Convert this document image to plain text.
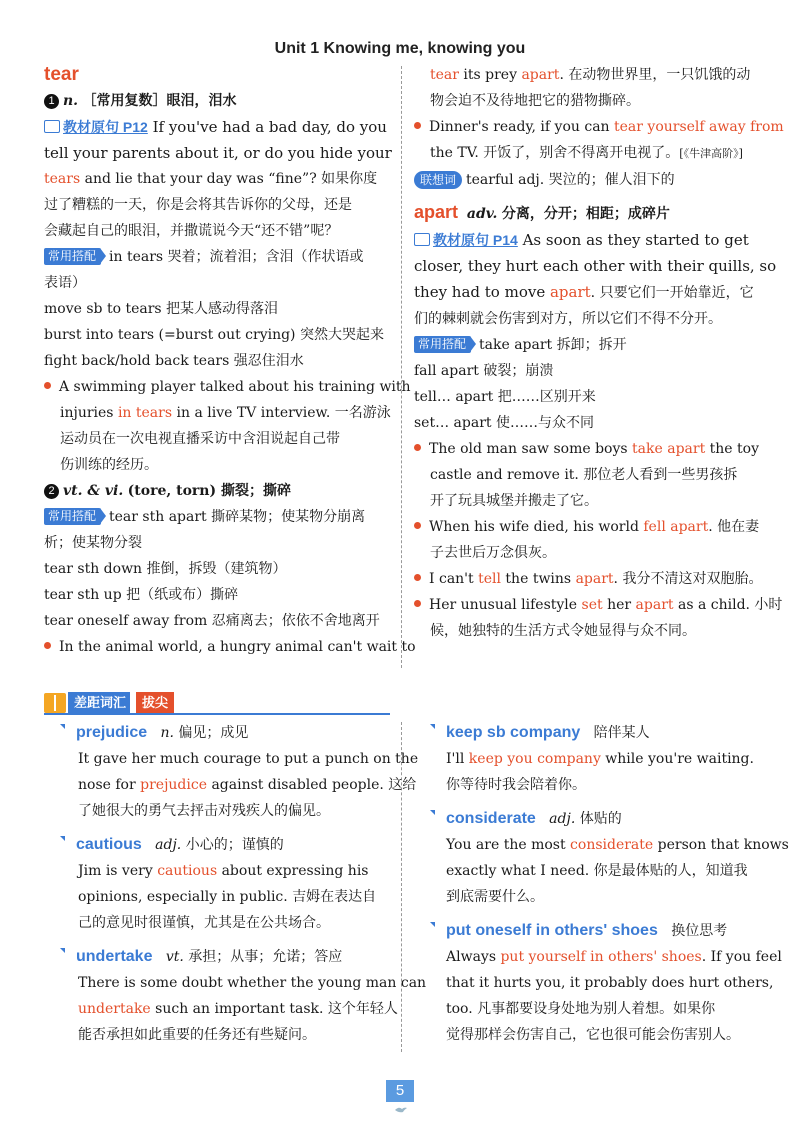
Unit 1 Knowing me, knowing you
tear

1 n. ［常用复数］眼泪，泪水

教材原句 P12 If you've had a bad day, do you

tell your parents about it, or do you hide your

tears and lie that your day was “fine”? 如果你度

过了糟糕的一天，你是会将其告诉你的父母，还是

会藏起自己的眼泪，并撒谎说今天“还不错”呢？

常用搭配 in tears 哭着；流着泪；含泪（作状语或

表语）

move sb to tears 把某人感动得落泪

burst into tears (=burst out crying) 突然大哭起来

fight back/hold back tears 强忍住泪水

A swimming player talked about his training with

injuries in tears in a live TV interview. 一名游泳

运动员在一次电视直播采访中含泪说起自己带

伤训练的经历。

2 vt. & vi. (tore, torn) 撕裂；撕碎

常用搭配 tear sth apart 撕碎某物；使某物分崩离

析；使某物分裂

tear sth down 推倒，拆毁（建筑物）

tear sth up 把（纸或布）撕碎

tear oneself away from 忍痛离去；依依不舍地离开

In the animal world, a hungry animal can't wait to

tear its prey apart. 在动物世界里，一只饥饿的动

物会迫不及待地把它的猎物撕碎。

Dinner's ready, if you can tear yourself away from

the TV. 开饭了，别舍不得离开电视了。[《牛津高阶》]

联想词 tearful adj. 哭泣的；催人泪下的

apart adv. 分离，分开；相距；成碎片

教材原句 P14 As soon as they started to get

closer, they hurt each other with their quills, so

they had to move apart. 只要它们一开始靠近，它

们的棘刺就会伤害到对方，所以它们不得不分开。

常用搭配 take apart 拆卸；拆开

fall apart 破裂；崩溃

tell… apart 把……区别开来

set… apart 使……与众不同

The old man saw some boys take apart the toy

castle and remove it. 那位老人看到一些男孩拆

开了玩具城堡并搬走了它。

When his wife died, his world fell apart. 他在妻

子去世后万念俱灰。

I can't tell the twins apart. 我分不清这对双胞胎。

Her unusual lifestyle set her apart as a child. 小时

候，她独特的生活方式令她显得与众不同。

差距词汇	拔尖

prejudice n. 偏见；成见

It gave her much courage to put a punch on the

nose for prejudice against disabled people. 这给

了她很大的勇气去抨击对残疾人的偏见。

cautious adj. 小心的；谨慎的

Jim is very cautious about expressing his

opinions, especially in public. 吉姆在表达自

己的意见时很谨慎，尤其是在公共场合。

undertake vt. 承担；从事；允诺；答应

There is some doubt whether the young man can

undertake such an important task. 这个年轻人

能否承担如此重要的任务还有些疑问。

keep sb company 陪伴某人

I'll keep you company while you're waiting.

你等待时我会陪着你。

considerate adj. 体贴的

You are the most considerate person that knows

exactly what I need. 你是最体贴的人，知道我

到底需要什么。

put oneself in others' shoes 换位思考

Always put yourself in others' shoes. If you feel

that it hurts you, it probably does hurt others,

too. 凡事都要设身处地为别人着想。如果你

觉得那样会伤害自己，它也很可能会伤害别人。

5
